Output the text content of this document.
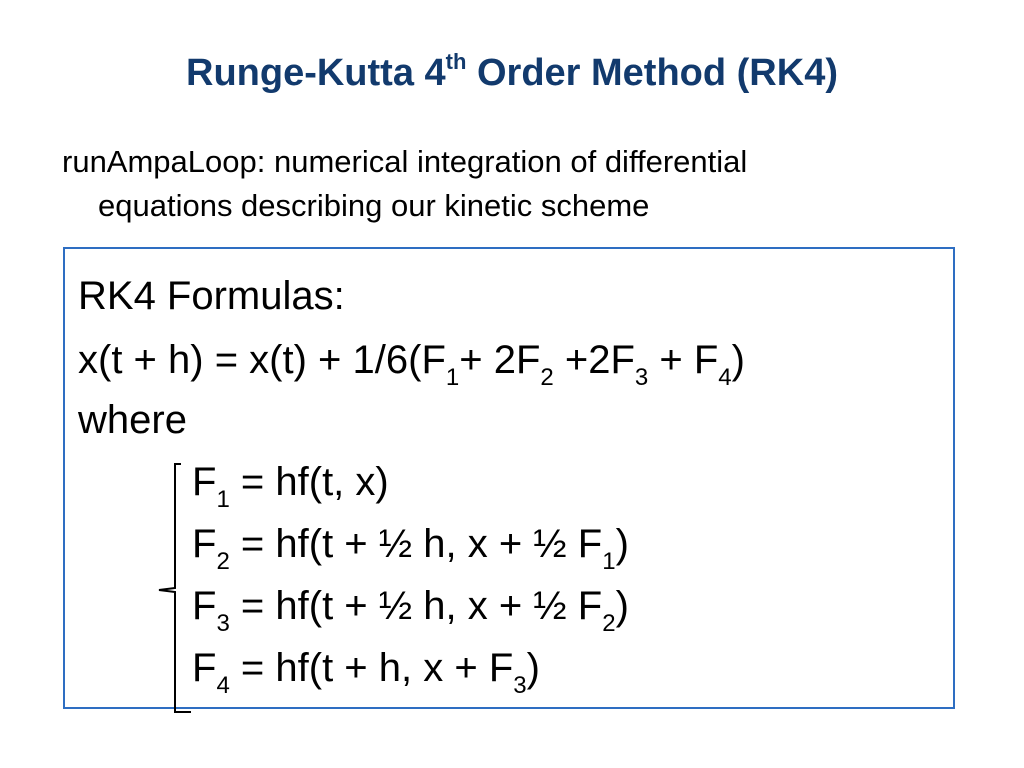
Runge-Kutta 4th Order Method (RK4)

runAmpaLoop: numerical integration of differential
equations describing our kinetic scheme

RK4 Formulas:
$x(t + h) = x(t) + 1/6(F_1+ 2F_2 +2F_3 + F_4)$
where
$F_1 = hf(t$, x)
$F_2 = hf(t$ + ½ h, x + ½ $F_1$)
$F_3 = hf(t$ + ½ h, x + ½ $F_2$)
$F_4 = hf(t + h$, $x + F_3$)
